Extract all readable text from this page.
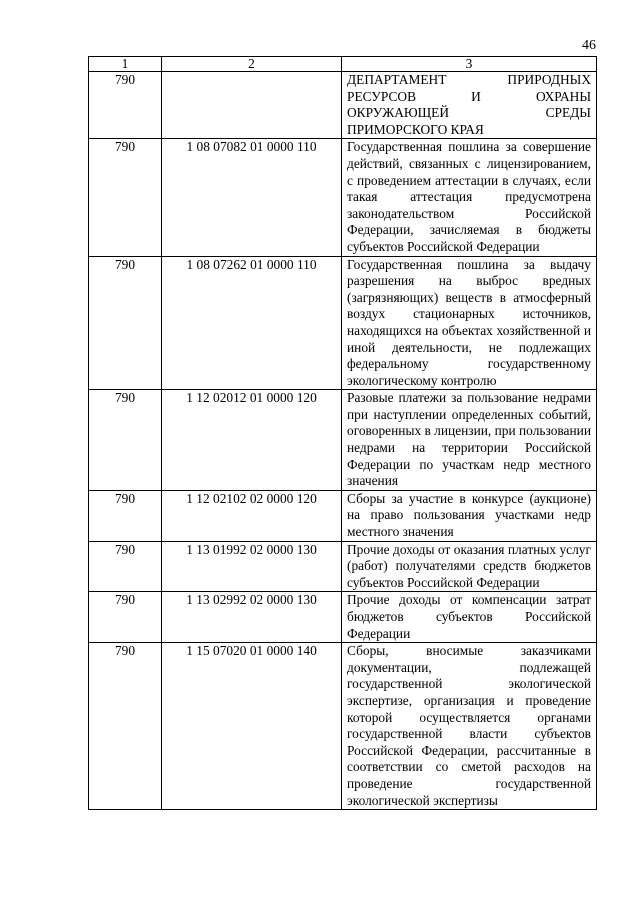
46
1	2	3
790		ДЕПАРТАМЕНТ ПРИРОДНЫХ РЕСУРСОВ И ОХРАНЫ ОКРУЖАЮЩЕЙ СРЕДЫ ПРИМОРСКОГО КРАЯ
790	1 08 07082 01 0000 110	Государственная пошлина за совершение действий, связанных с лицензированием, с проведением аттестации в случаях, если такая аттестация предусмотрена законодательством Российской Федерации, зачисляемая в бюджеты субъектов Российской Федерации
790	1 08 07262 01 0000 110	Государственная пошлина за выдачу разрешения на выброс вредных (загрязняющих) веществ в атмосферный воздух стационарных источников, находящихся на объектах хозяйственной и иной деятельности, не подлежащих федеральному государственному экологическому контролю
790	1 12 02012 01 0000 120	Разовые платежи за пользование недрами при наступлении определенных событий, оговоренных в лицензии, при пользовании недрами на территории Российской Федерации по участкам недр местного значения
790	1 12 02102 02 0000 120	Сборы за участие в конкурсе (аукционе) на право пользования участками недр местного значения
790	1 13 01992 02 0000 130	Прочие доходы от оказания платных услуг (работ) получателями средств бюджетов субъектов Российской Федерации
790	1 13 02992 02 0000 130	Прочие доходы от компенсации затрат бюджетов субъектов Российской Федерации
790	1 15 07020 01 0000 140	Сборы, вносимые заказчиками документации, подлежащей государственной экологической экспертизе, организация и проведение которой осуществляется органами государственной власти субъектов Российской Федерации, рассчитанные в соответствии со сметой расходов на проведение государственной экологической экспертизы
